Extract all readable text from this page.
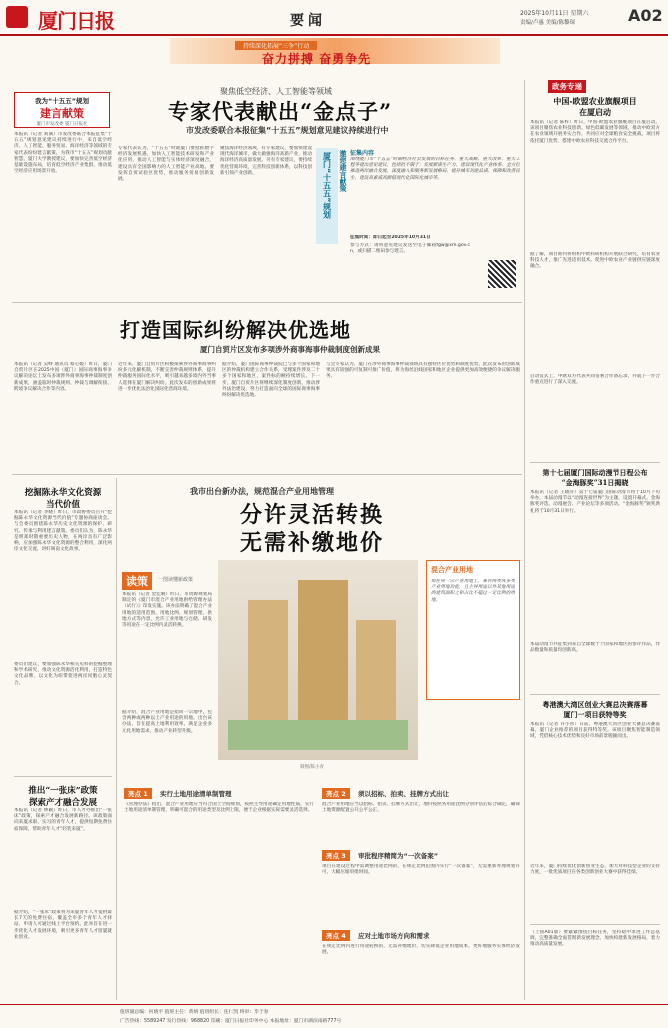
厦门日报	要闻	2025年10月11日 星期六
责编/卢惠 美编/陈黎琛	A02
持续深化拓展“三争”行动
奋力拼搏 奋勇争先
我为“十五五”规划
建言献策
厦门市发改委 厦门日报社
聚焦低空经济、人工智能等领域
专家代表献出“金点子”
市发改委联合本报征集“十五五”规划意见建议持续进行中
本报讯（记者 刘满）市发改委联合本报征集“十五五”规划意见建议持续进行中，来自低空经济、人工智能、服务贸易、海洋经济等领域的专家代表纷纷建言献策，为我市“十五五”规划贡献智慧。厦门大学教授建议，要加快完善低空经济基础设施布局，培育低空经济产业集群，推动低空经济应用场景开放。
专家代表认为，“十五五”时期厦门要抢抓数字经济发展机遇，加快人工智能技术研发和产业化应用，推动人工智能与实体经济深度融合，建设具有全国影响力的人工智能产业高地。要发挥自贸试验区优势，推动服务贸易创新发展。
聚焦海洋经济领域，有专家建议，要加快建设现代海洋城市，做大做强海洋高新产业，推动海洋经济高质量发展。另有专家建议，要持续优化营商环境，完善科技创新体系，以科技创新引领产业创新。	厦门“十五五”规划 邀您建言献策 征集内容
围绕厦门市“十五五”时期经济社会发展的目标任务、重大战略、重大改革、重大工程等提出意见建议，包括但不限于：发展新质生产力、建设现代化产业体系、全方位推进两岸融合发展、深度融入和服务新发展格局、提升城市功能品质、保障和改善民生、建设高素质高颜值现代化国际化城市等。
征集时间：即日起至2025年10月31日
参与方式：请将意见建议发送至电子邮箱fgw@xm.gov.cn，或扫描二维码参与建言。
打造国际纠纷解决优选地
厦门自贸片区发布多项涉外商事海事仲裁制度创新成果
本报讯（记者 吴峥 通讯员 蔡心媛）昨日，厦门自贸片区在2025中国（厦门）国际商事海事争议解决论坛上发布多项涉外商事海事仲裁制度创新成果，涵盖临时仲裁规则、仲裁与调解衔接、跨境争议解决合作等内容。
近年来，厦门自贸片区积极探索涉外商事海事纠纷多元化解机制，不断完善仲裁规则体系，提升仲裁服务国际化水平，吸引越来越多境内外当事人选择在厦门解决纠纷。此次发布的创新成果将进一步优化法治化国际化营商环境。
据介绍，厦门国际商事仲裁院已与多个国家和地区的仲裁机构建立合作关系，受理案件涉及二十多个国家和地区，案件标的额持续增长。下一步，厦门自贸片区将继续深化制度创新，推动涉外法治建设，努力打造面向全球的国际商事海事纠纷解决优选地。
与会专家认为，厦门在涉外商事海事仲裁领域具有独特区位优势和制度优势，此次发布的创新成果具有较强的可复制可推广价值，将为海丝沿线国家和地区企业提供更加高效便捷的争议解决服务。
挖掘陈永华文化资源
当代价值
本报讯（记者 李晓）昨日，市政协委员召开“挖掘陈永华文化资源当代价值”专题协商座谈会。与会委员围绕陈永华历史文化资源的保护、研究、传承与利用建言献策。委员们认为，陈永华是明郑时期重要历史人物，在两岸具有广泛影响，应加强陈永华文化资源的整合利用，深化两岸文化交流，讲好闽南文化故事。
委员们建议，要加强陈永华相关史料的挖掘整理和学术研究，推动文化资源活化利用，打造特色文化品牌，以文化为纽带促进两岸同胞心灵契合。
推出“一张床”政策
探索产才融合发展
本报讯（记者 林颖）昨日，市人才办推出“一张床”政策，探索产才融合发展新路径。该政策面向来厦求职、实习的青年人才，提供短期免费住宿保障，帮助青年人才“轻装来厦”。
据介绍，“一张床”政策将为来厦青年人才提供最长7天的免费住宿，覆盖全市多个青年人才驿站，申请人可通过线上平台预约。此举旨在进一步优化人才发展环境，吸引更多青年人才留厦就业创业。
我市出台新办法，规范混合产业用地管理
分许灵活转换
无需补缴地价
读策	一图读懂新政策
本报讯（记者 金佳晴）昨日，市资源规划局制定的《厦门市混合产业用地供给管理办法（试行）》印发实施。该办法明确了混合产业用地的适用范围、用地比例、规划管理、供地方式等内容，允许工业用地与仓储、研发等用途在一定比例内灵活转换。
据介绍，混合产业用地是指同一宗地中，包含两种或两种以上产业用途的用地。出台该办法，旨在提高土地利用效率，满足企业多元化用地需求，推动产业转型升级。
制图/陈小青
混合产业用地
指在同一宗产业用地上，兼容两类或多类产业用地功能，且主导用途以外其他用途的建筑面积之和占比不超过一定比例的用地。
亮点 1	实行土地用途清单制管理
《管理办法》指出，混合产业用地应当符合国土空间规划，按照主导用途确定用地性质，实行土地用途清单制管理，明确可混合的用途类型及比例上限，便于企业根据实际需要灵活选择。
亮点 2	须以招标、拍卖、挂牌方式出让
混合产业用地应当以招标、拍卖、挂牌方式出让，地价按照各用途比例分别评估后综合确定，确保土地资源配置公开公平公正。
亮点 3	审批程序精简为“一次备案”
项目在建设过程中需调整用途比例的，在规定比例范围内实行“一次备案”，无需重新办理规划许可，大幅压缩审批时间。
亮点 4	应对土地市场方向和需求
在规定比例内进行用途转换的，无需补缴地价，切实降低企业用地成本，更好地服务实体经济发展。
政务专递
中国-欧盟农业旗舰项目
在厦启动
本报讯（记者 陈梓）昨日，中国-欧盟农业旗舰项目在厦启动。该项目聚焦农业科技创新、绿色低碳发展等领域，推动中欧双方在农业领域开展务实合作，共同应对全球粮食安全挑战。项目将依托厦门优势，搭建中欧农业科技交流合作平台。
据了解，项目期内将组织中欧科研机构开展联合研究，培育农业科技人才，推广先进适用技术，促进中欧农业产业链供应链深度融合。
启动仪式上，中欧双方代表共同签署合作备忘录，并就下一步合作重点进行了深入交流。
第十七届厦门国际动漫节日程公布
“金海豚奖”31日揭晓
本报讯（记者 王晓萍）第十七届厦门国际动漫节将于10月下旬举办，本届动漫节以“动漫连接世界”为主题，设置开幕式、金海豚奖评选、动漫展会、产业论坛等多项活动。“金海豚奖”颁奖典礼将于10月31日举行。
本届动漫节共征集到来自全球数十个国家和地区的参评作品，作品数量和质量均创新高。
粤港澳大湾区创业大赛总决赛落幕
厦门一项目获特等奖
本报讯（记者 许小彤）日前，粤港澳大湾区创业大赛总决赛落幕，厦门企业推荐的项目获得特等奖。该项目聚焦智能制造领域，凭借核心技术优势和良好市场前景脱颖而出。
近年来，厦门持续优化创新创业生态，加大对科技型企业的支持力度，一批优质项目在各类创新创业大赛中获得佳绩。
（上接A01版）要紧紧围绕目标任务，坚持稳中求进工作总基调，完整准确全面贯彻新发展理念，加快构建新发展格局，着力推动高质量发展。
值班副总编：何晓平 值班主任：黄炳 值班组长：连仁凯 终审：毕于春
广告热线：5589247 发行热线：968820 印刷：厦门日报社印务中心 本报地址：厦门市湖滨南路777号
